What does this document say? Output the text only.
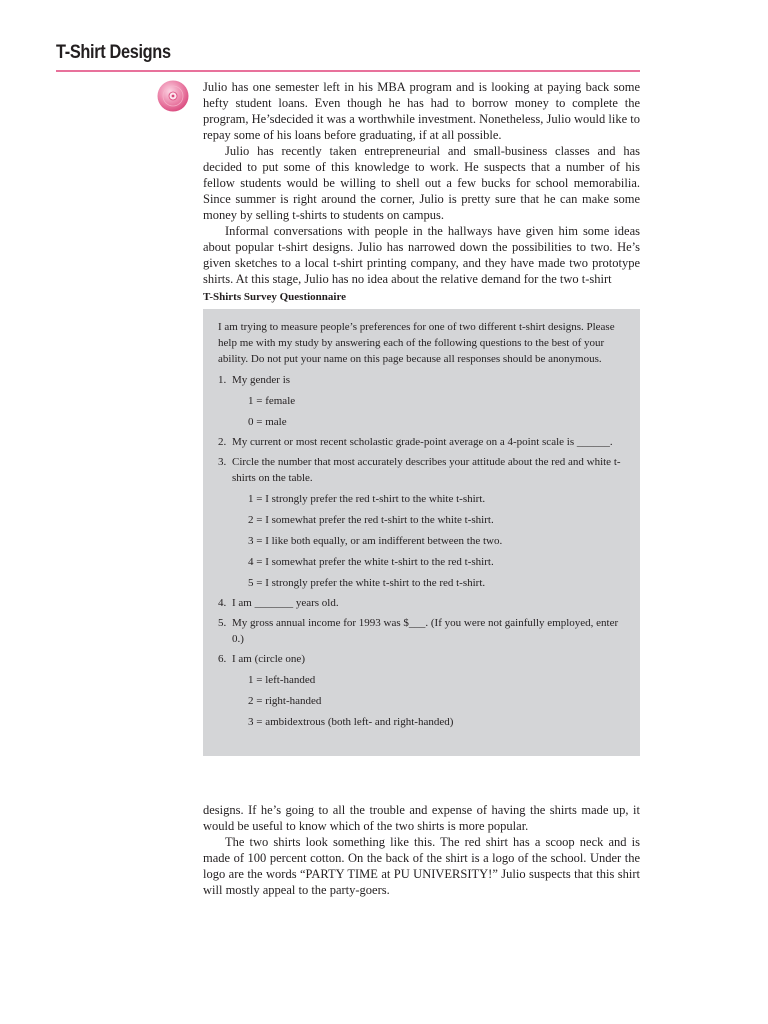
T-Shirt Designs

Julio has one semester left in his MBA program and is looking at paying back some hefty student loans. Even though he has had to borrow money to complete the program, He’sdecided it was a worthwhile investment. Nonetheless, Julio would like to repay some of his loans before graduating, if at all possible.

Julio has recently taken entrepreneurial and small-business classes and has decided to put some of this knowledge to work. He suspects that a number of his fellow students would be willing to shell out a few bucks for school memorabilia. Since summer is right around the corner, Julio is pretty sure that he can make some money by selling t-shirts to students on campus.

Informal conversations with people in the hallways have given him some ideas about popular t-shirt designs. Julio has narrowed down the possibilities to two. He’s given sketches to a local t-shirt printing company, and they have made two prototype shirts. At this stage, Julio has no idea about the relative demand for the two t-shirt

T-Shirts Survey Questionnaire

I am trying to measure people’s preferences for one of two different t-shirt designs. Please help me with my study by answering each of the following questions to the best of your ability. Do not put your name on this page because all responses should be anonymous.

1. My gender is
1 = female
0 = male
2. My current or most recent scholastic grade-point average on a 4-point scale is ______.
3. Circle the number that most accurately describes your attitude about the red and white t-shirts on the table.
1 = I strongly prefer the red t-shirt to the white t-shirt.
2 = I somewhat prefer the red t-shirt to the white t-shirt.
3 = I like both equally, or am indifferent between the two.
4 = I somewhat prefer the white t-shirt to the red t-shirt.
5 = I strongly prefer the white t-shirt to the red t-shirt.
4. I am _______ years old.
5. My gross annual income for 1993 was $___. (If you were not gainfully employed, enter 0.)
6. I am (circle one)
1 = left-handed
2 = right-handed
3 = ambidextrous (both left- and right-handed)

designs. If he’s going to all the trouble and expense of having the shirts made up, it would be useful to know which of the two shirts is more popular.

The two shirts look something like this. The red shirt has a scoop neck and is made of 100 percent cotton. On the back of the shirt is a logo of the school. Under the logo are the words “PARTY TIME at PU UNIVERSITY!” Julio suspects that this shirt will mostly appeal to the party-goers.
